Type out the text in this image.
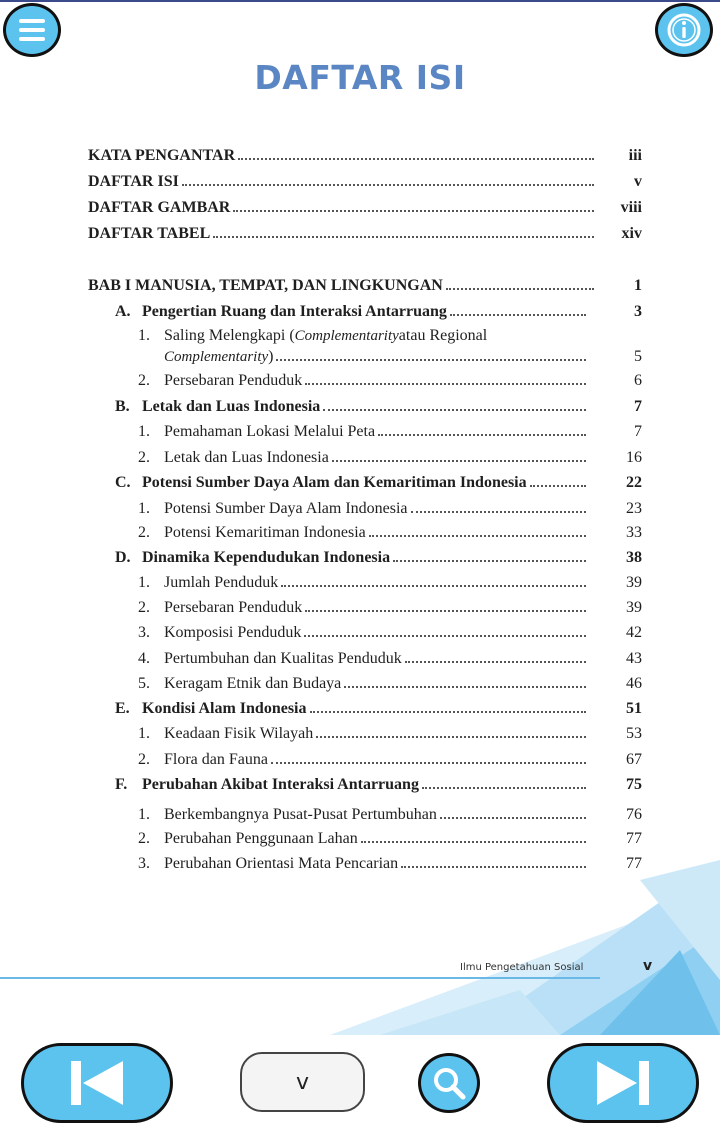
DAFTAR ISI
KATA PENGANTAR	iii
DAFTAR ISI	v
DAFTAR GAMBAR	viii
DAFTAR TABEL	xiv
BAB I MANUSIA, TEMPAT, DAN LINGKUNGAN	1
A. Pengertian Ruang dan Interaksi Antarruang	3
1. Saling Melengkapi ( Complementarity atau Regional
Complementarity)	5
2. Persebaran Penduduk	6
B. Letak dan Luas Indonesia	7
1. Pemahaman Lokasi Melalui Peta	7
2. Letak dan Luas Indonesia	16
C. Potensi Sumber Daya Alam dan Kemaritiman Indonesia	22
1. Potensi Sumber Daya Alam Indonesia	23
2. Potensi Kemaritiman Indonesia	33
D. Dinamika Kependudukan Indonesia	38
1. Jumlah Penduduk	39
2. Persebaran Penduduk	39
3. Komposisi Penduduk	42
4. Pertumbuhan dan Kualitas Penduduk	43
5. Keragam Etnik dan Budaya	46
E. Kondisi Alam Indonesia	51
1. Keadaan Fisik Wilayah	53
2. Flora dan Fauna	67
F. Perubahan Akibat Interaksi Antarruang	75
1. Berkembangnya Pusat-Pusat Pertumbuhan	76
2. Perubahan Penggunaan Lahan	77
3. Perubahan Orientasi Mata Pencarian	77
Ilmu Pengetahuan Sosial	v
v
